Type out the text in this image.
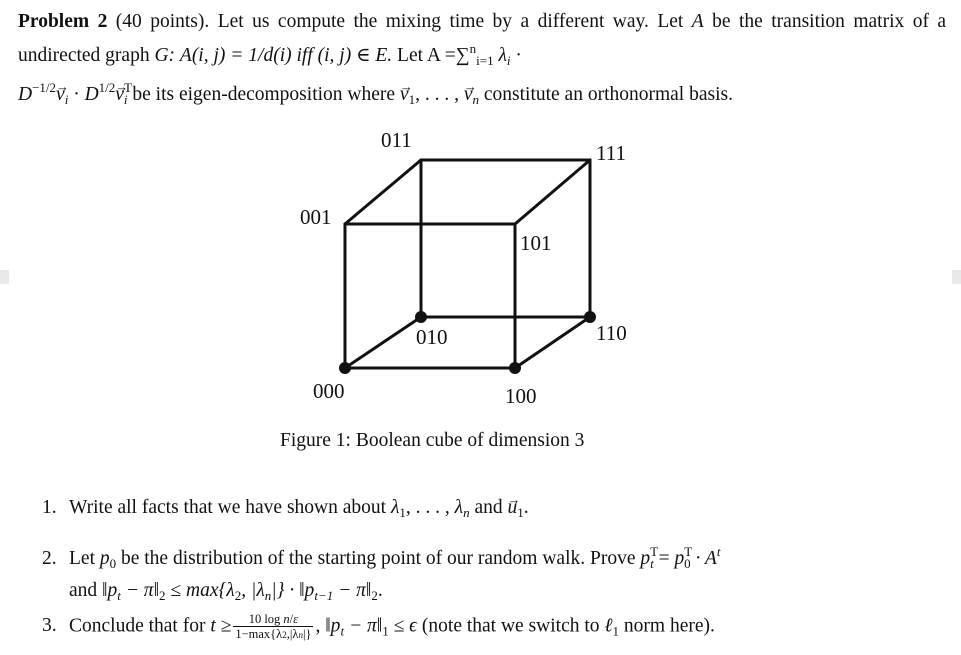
Problem 2 (40 points). Let us compute the mixing time by a different way. Let A be the transition matrix of a undirected graph G: A(i, j) = 1/d(i) iff (i, j) ∈ E. Let A =∑$^n_{i=1}$ $\lambda_i$ ·
$D^{-1/2}\to v_i \cdot D^{1/2}\to v^T_i$ be its eigen-decomposition where → $v_1$, . . . , → $v_n$ constitute an orthonormal basis.
011
111
001
101
010	110
000	100
Figure 1: Boolean cube of dimension 3
1. Write all facts that we have shown about $\lambda_1$, . . . , $\lambda_n$ and → $u_1$.
2. Let $p_0$ be the distribution of the starting point of our random walk. Prove $p^T_t = p^T_0 \cdot A^t$
and $‖p_t$ − $\pi‖_2 \le \max\{\lambda_2$, $|\lambda_n|$} · $‖p_{t-1}$ − $\pi‖_2$.
3. Conclude that for $t \ge \frac{\text{10 log n/ε}}{1-\max\{\lambda 2,|\lambda n|\}}$ , $‖p_t$ − $\pi‖_1 \le \epsilon$ (note that we switch to ℓ$_1$ norm here).
